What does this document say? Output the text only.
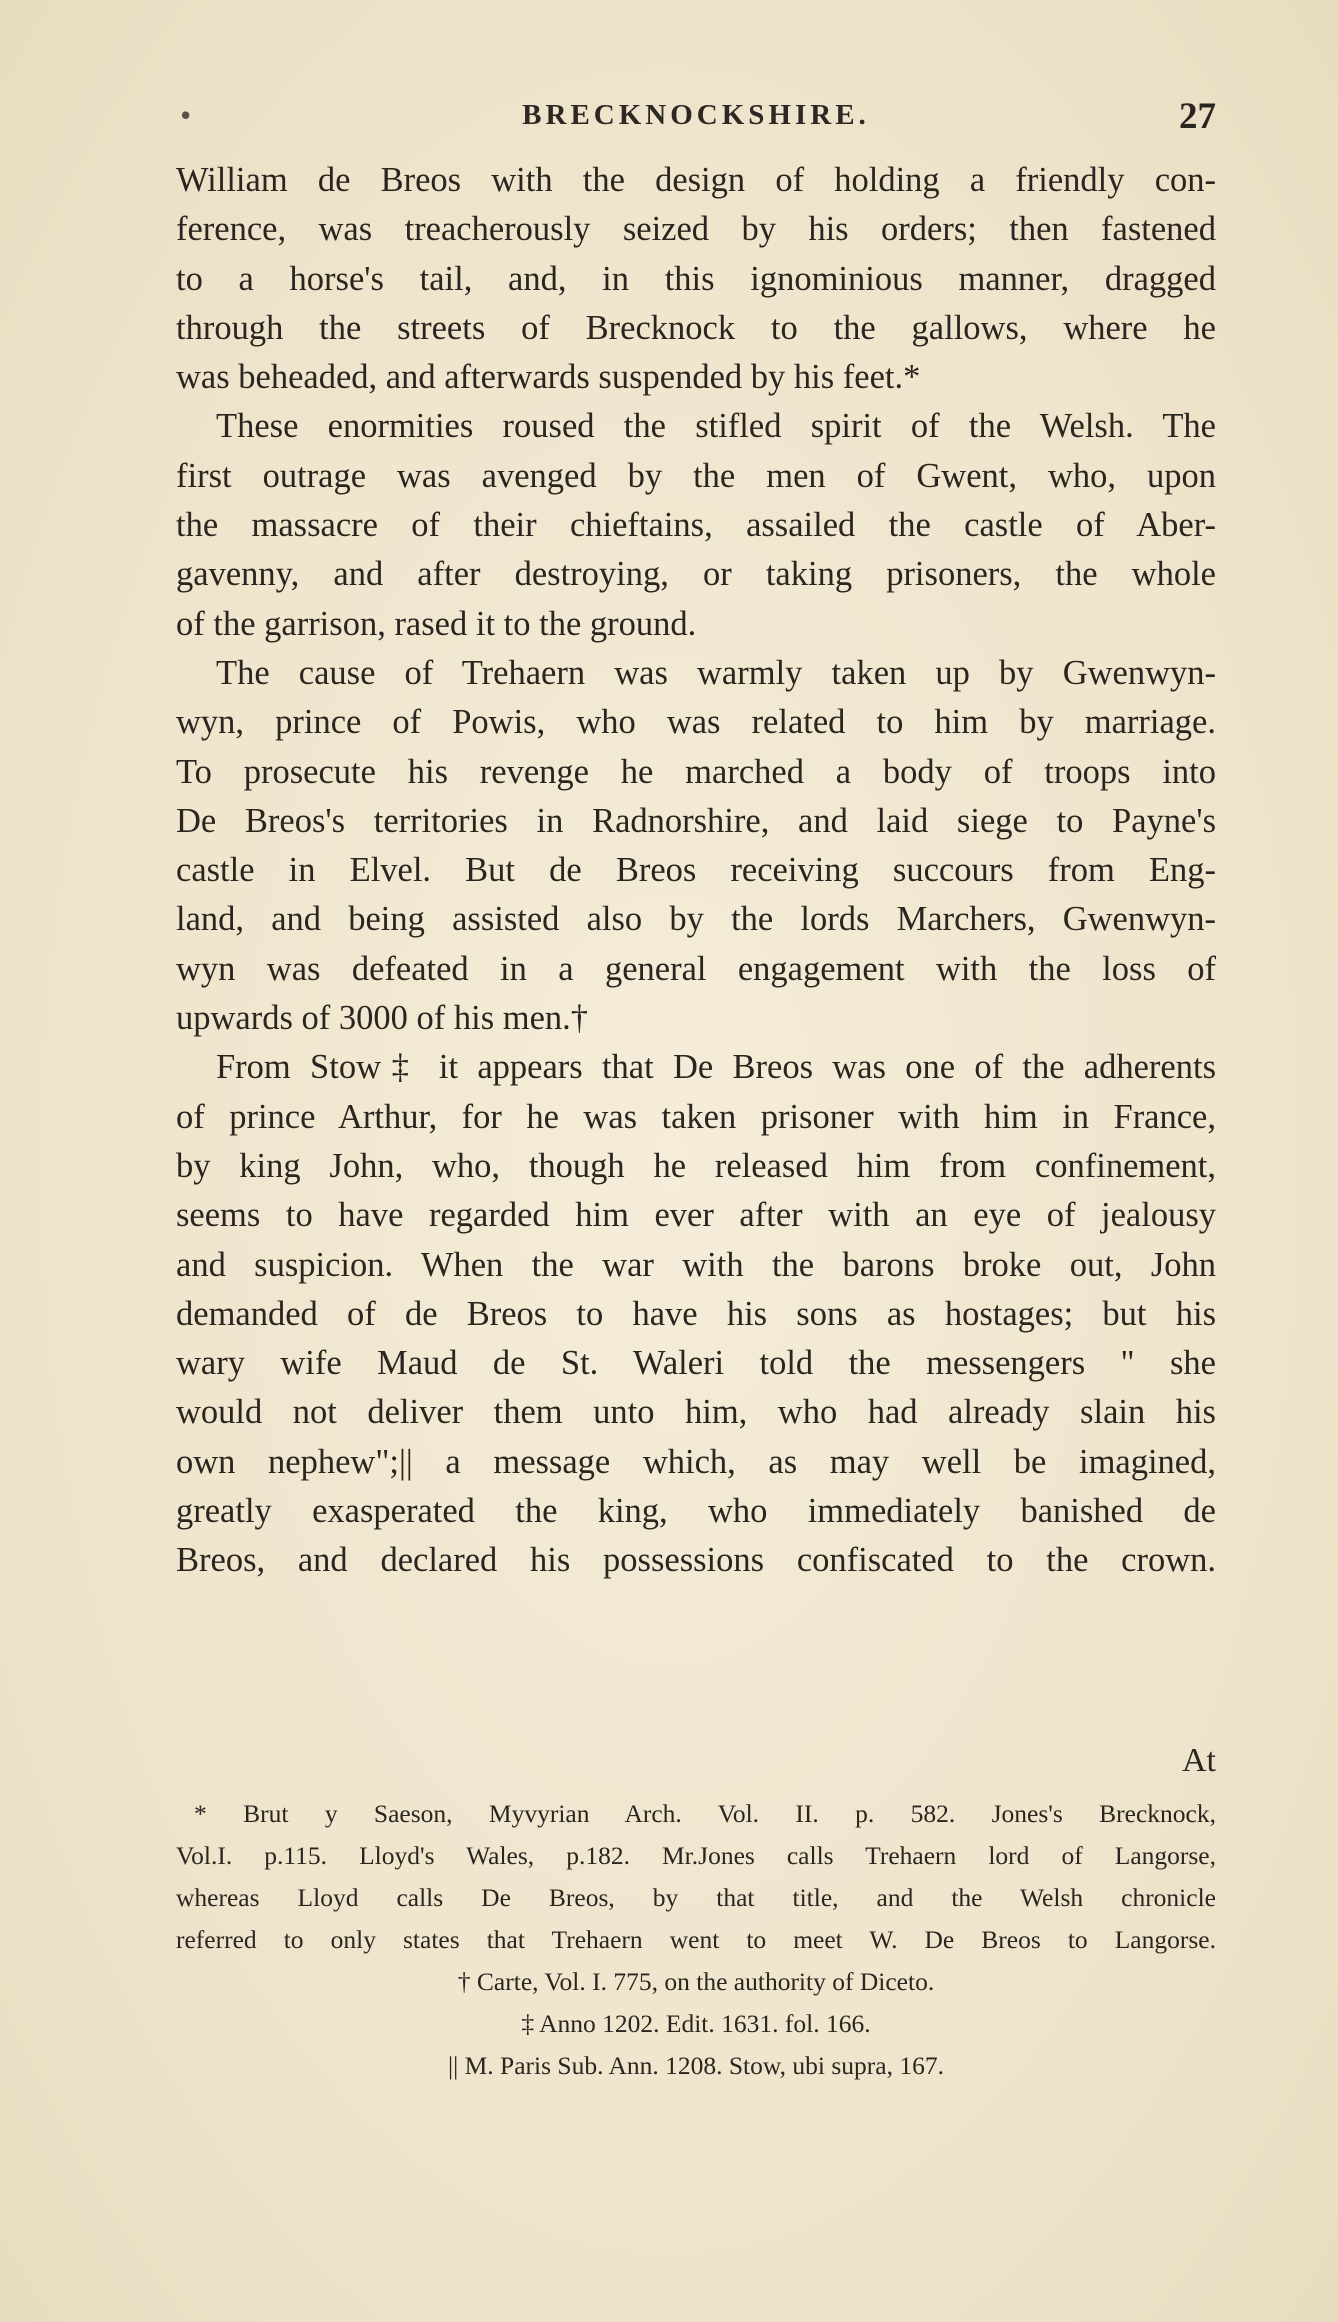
•	BRECKNOCKSHIRE.	27

William de Breos with the design of holding a friendly con-

ference, was treacherously seized by his orders; then fastened

to a horse's tail, and, in this ignominious manner, dragged

through the streets of Brecknock to the gallows, where he

was beheaded, and afterwards suspended by his feet.*

These enormities roused the stifled spirit of the Welsh. The

first outrage was avenged by the men of Gwent, who, upon

the massacre of their chieftains, assailed the castle of Aber-

gavenny, and after destroying, or taking prisoners, the whole

of the garrison, rased it to the ground.

The cause of Trehaern was warmly taken up by Gwenwyn-

wyn, prince of Powis, who was related to him by marriage.

To prosecute his revenge he marched a body of troops into

De Breos's territories in Radnorshire, and laid siege to Payne's

castle in Elvel. But de Breos receiving succours from Eng-

land, and being assisted also by the lords Marchers, Gwenwyn-

wyn was defeated in a general engagement with the loss of

upwards of 3000 of his men.†

From Stow‡ it appears that De Breos was one of the adherents

of prince Arthur, for he was taken prisoner with him in France,

by king John, who, though he released him from confinement,

seems to have regarded him ever after with an eye of jealousy

and suspicion. When the war with the barons broke out, John

demanded of de Breos to have his sons as hostages; but his

wary wife Maud de St. Waleri told the messengers " she

would not deliver them unto him, who had already slain his

own nephew";|| a message which, as may well be imagined,

greatly exasperated the king, who immediately banished de

Breos, and declared his possessions confiscated to the crown.

At

* Brut y Saeson, Myvyrian Arch. Vol. II. p. 582. Jones's Brecknock,

Vol.I. p.115. Lloyd's Wales, p.182. Mr.Jones calls Trehaern lord of Langorse,

whereas Lloyd calls De Breos, by that title, and the Welsh chronicle

referred to only states that Trehaern went to meet W. De Breos to Langorse.

† Carte, Vol. I. 775, on the authority of Diceto.

‡ Anno 1202. Edit. 1631. fol. 166.

|| M. Paris Sub. Ann. 1208. Stow, ubi supra, 167.
